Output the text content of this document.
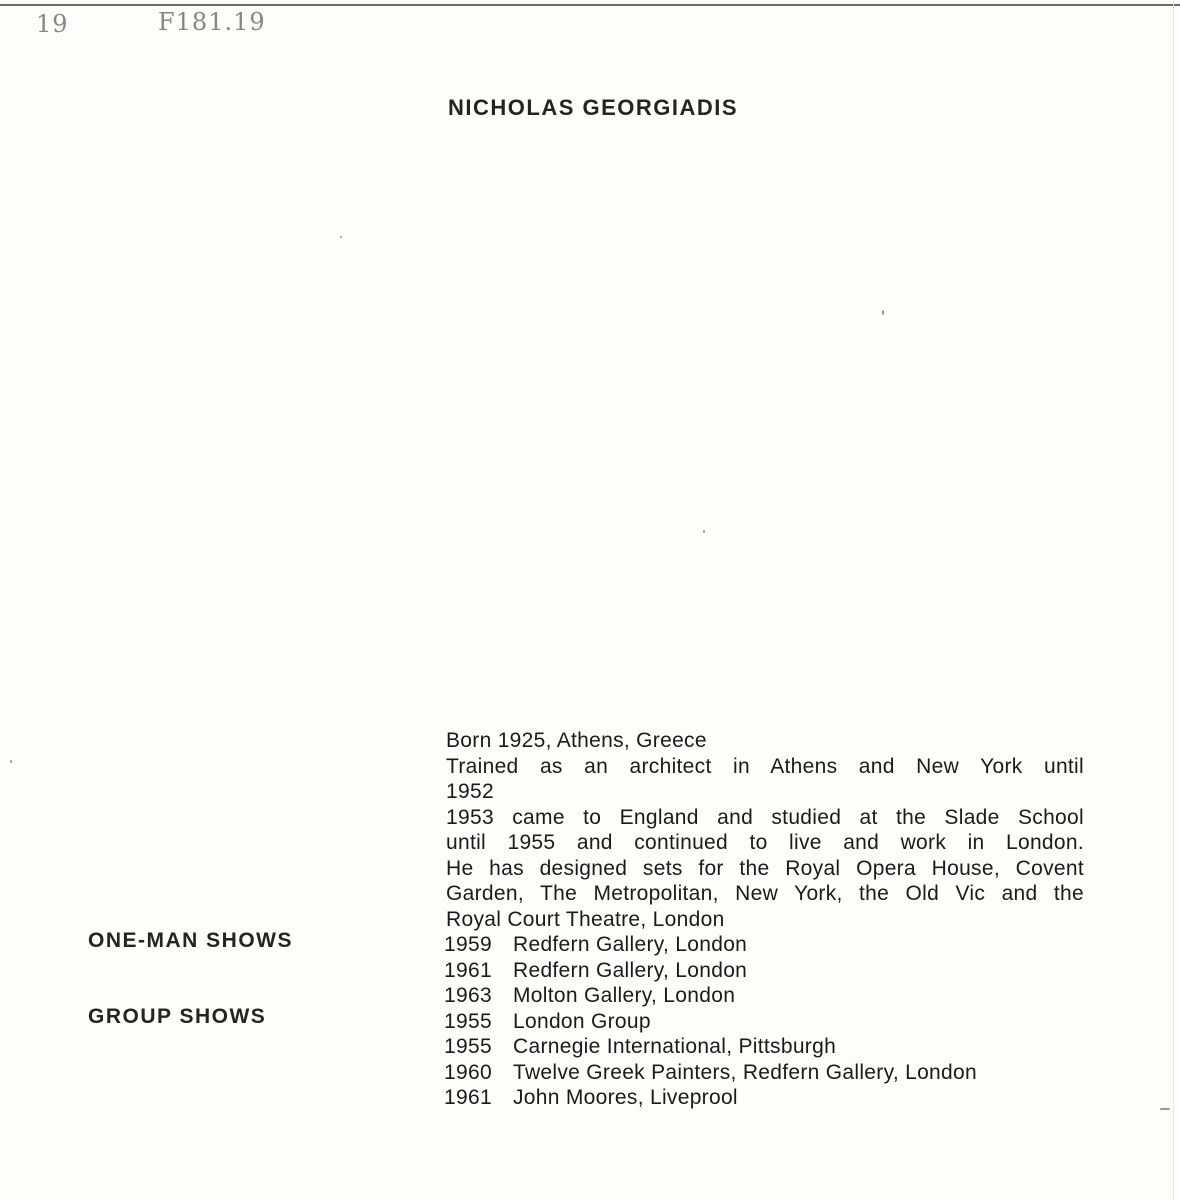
19	F181.19
NICHOLAS GEORGIADIS
Born 1925, Athens, Greece
Trained as an architect in Athens and New York until
1952
1953 came to England and studied at the Slade School
until 1955 and continued to live and work in London.
He has designed sets for the Royal Opera House, Covent
Garden, The Metropolitan, New York, the Old Vic and the
Royal Court Theatre, London
ONE-MAN SHOWS
GROUP SHOWS
1959 Redfern Gallery, London
1961 Redfern Gallery, London
1963 Molton Gallery, London
1955 London Group
1955 Carnegie International, Pittsburgh
1960 Twelve Greek Painters, Redfern Gallery, London
1961 John Moores, Liveprool
